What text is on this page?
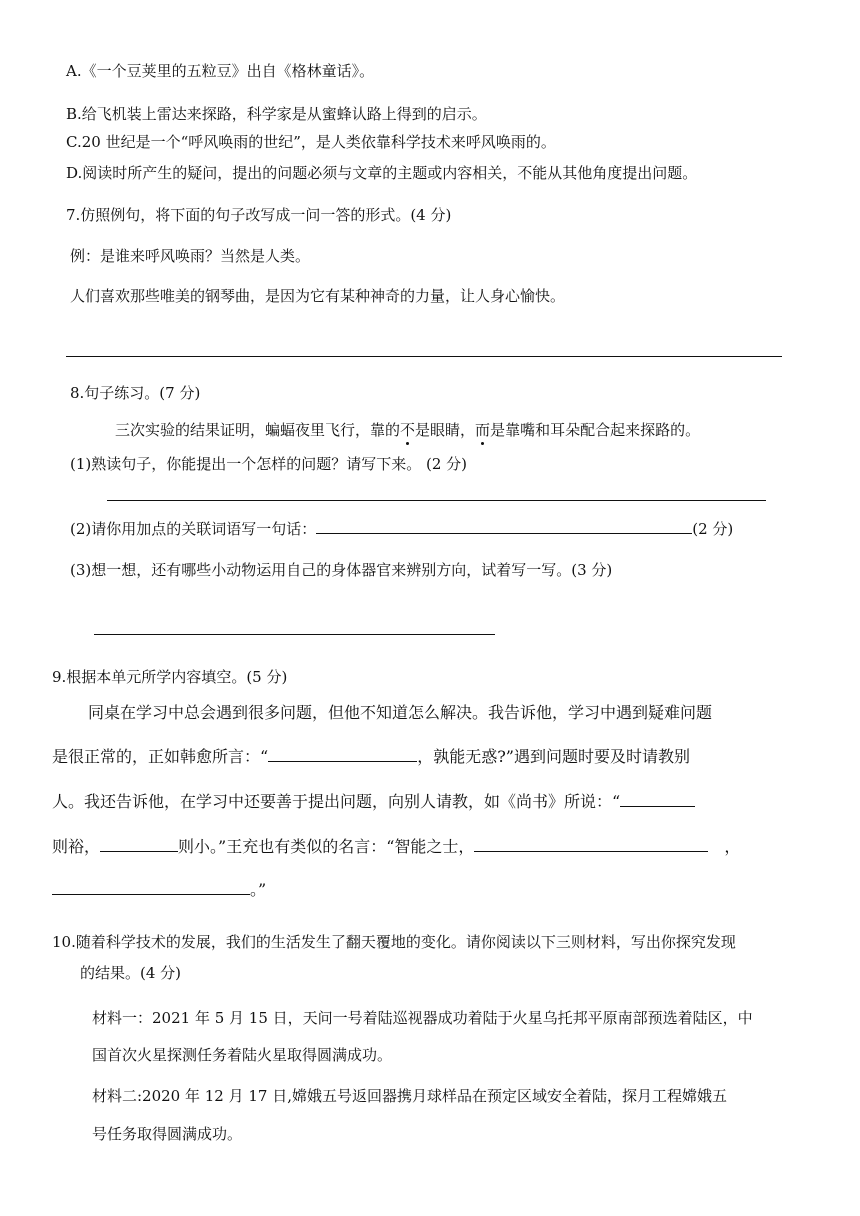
A.《一个豆荚里的五粒豆》出自《格林童话》。
B.给飞机装上雷达来探路，科学家是从蜜蜂认路上得到的启示。
C.20 世纪是一个“呼风唤雨的世纪”，是人类依靠科学技术来呼风唤雨的。
D.阅读时所产生的疑问，提出的问题必须与文章的主题或内容相关，不能从其他角度提出问题。
7.仿照例句，将下面的句子改写成一问一答的形式。(4 分)
例：是谁来呼风唤雨？当然是人类。
人们喜欢那些唯美的钢琴曲，是因为它有某种神奇的力量，让人身心愉快。
8.句子练习。(7 分)
三次实验的结果证明，蝙蝠夜里飞行，靠的不是眼睛，而是靠嘴和耳朵配合起来探路的。
(1)熟读句子，你能提出一个怎样的问题？请写下来。 (2 分)
(2)请你用加点的关联词语写一句话：	(2 分)
(3)想一想，还有哪些小动物运用自己的身体器官来辨别方向，试着写一写。(3 分)
9.根据本单元所学内容填空。(5 分)
同桌在学习中总会遇到很多问题，但他不知道怎么解决。我告诉他，学习中遇到疑难问题
是很正常的，正如韩愈所言：“	，孰能无惑?”遇到问题时要及时请教别
人。我还告诉他，在学习中还要善于提出问题，向别人请教，如《尚书》所说：“
则裕，	则小。”王充也有类似的名言：“智能之士，	，
。”
10.随着科学技术的发展，我们的生活发生了翻天覆地的变化。请你阅读以下三则材料，写出你探究发现
的结果。(4 分)
材料一：2021 年 5 月 15 日，天问一号着陆巡视器成功着陆于火星乌托邦平原南部预选着陆区，中
国首次火星探测任务着陆火星取得圆满成功。
材料二:2020 年 12 月 17 日,嫦娥五号返回器携月球样品在预定区域安全着陆，探月工程嫦娥五
号任务取得圆满成功。
